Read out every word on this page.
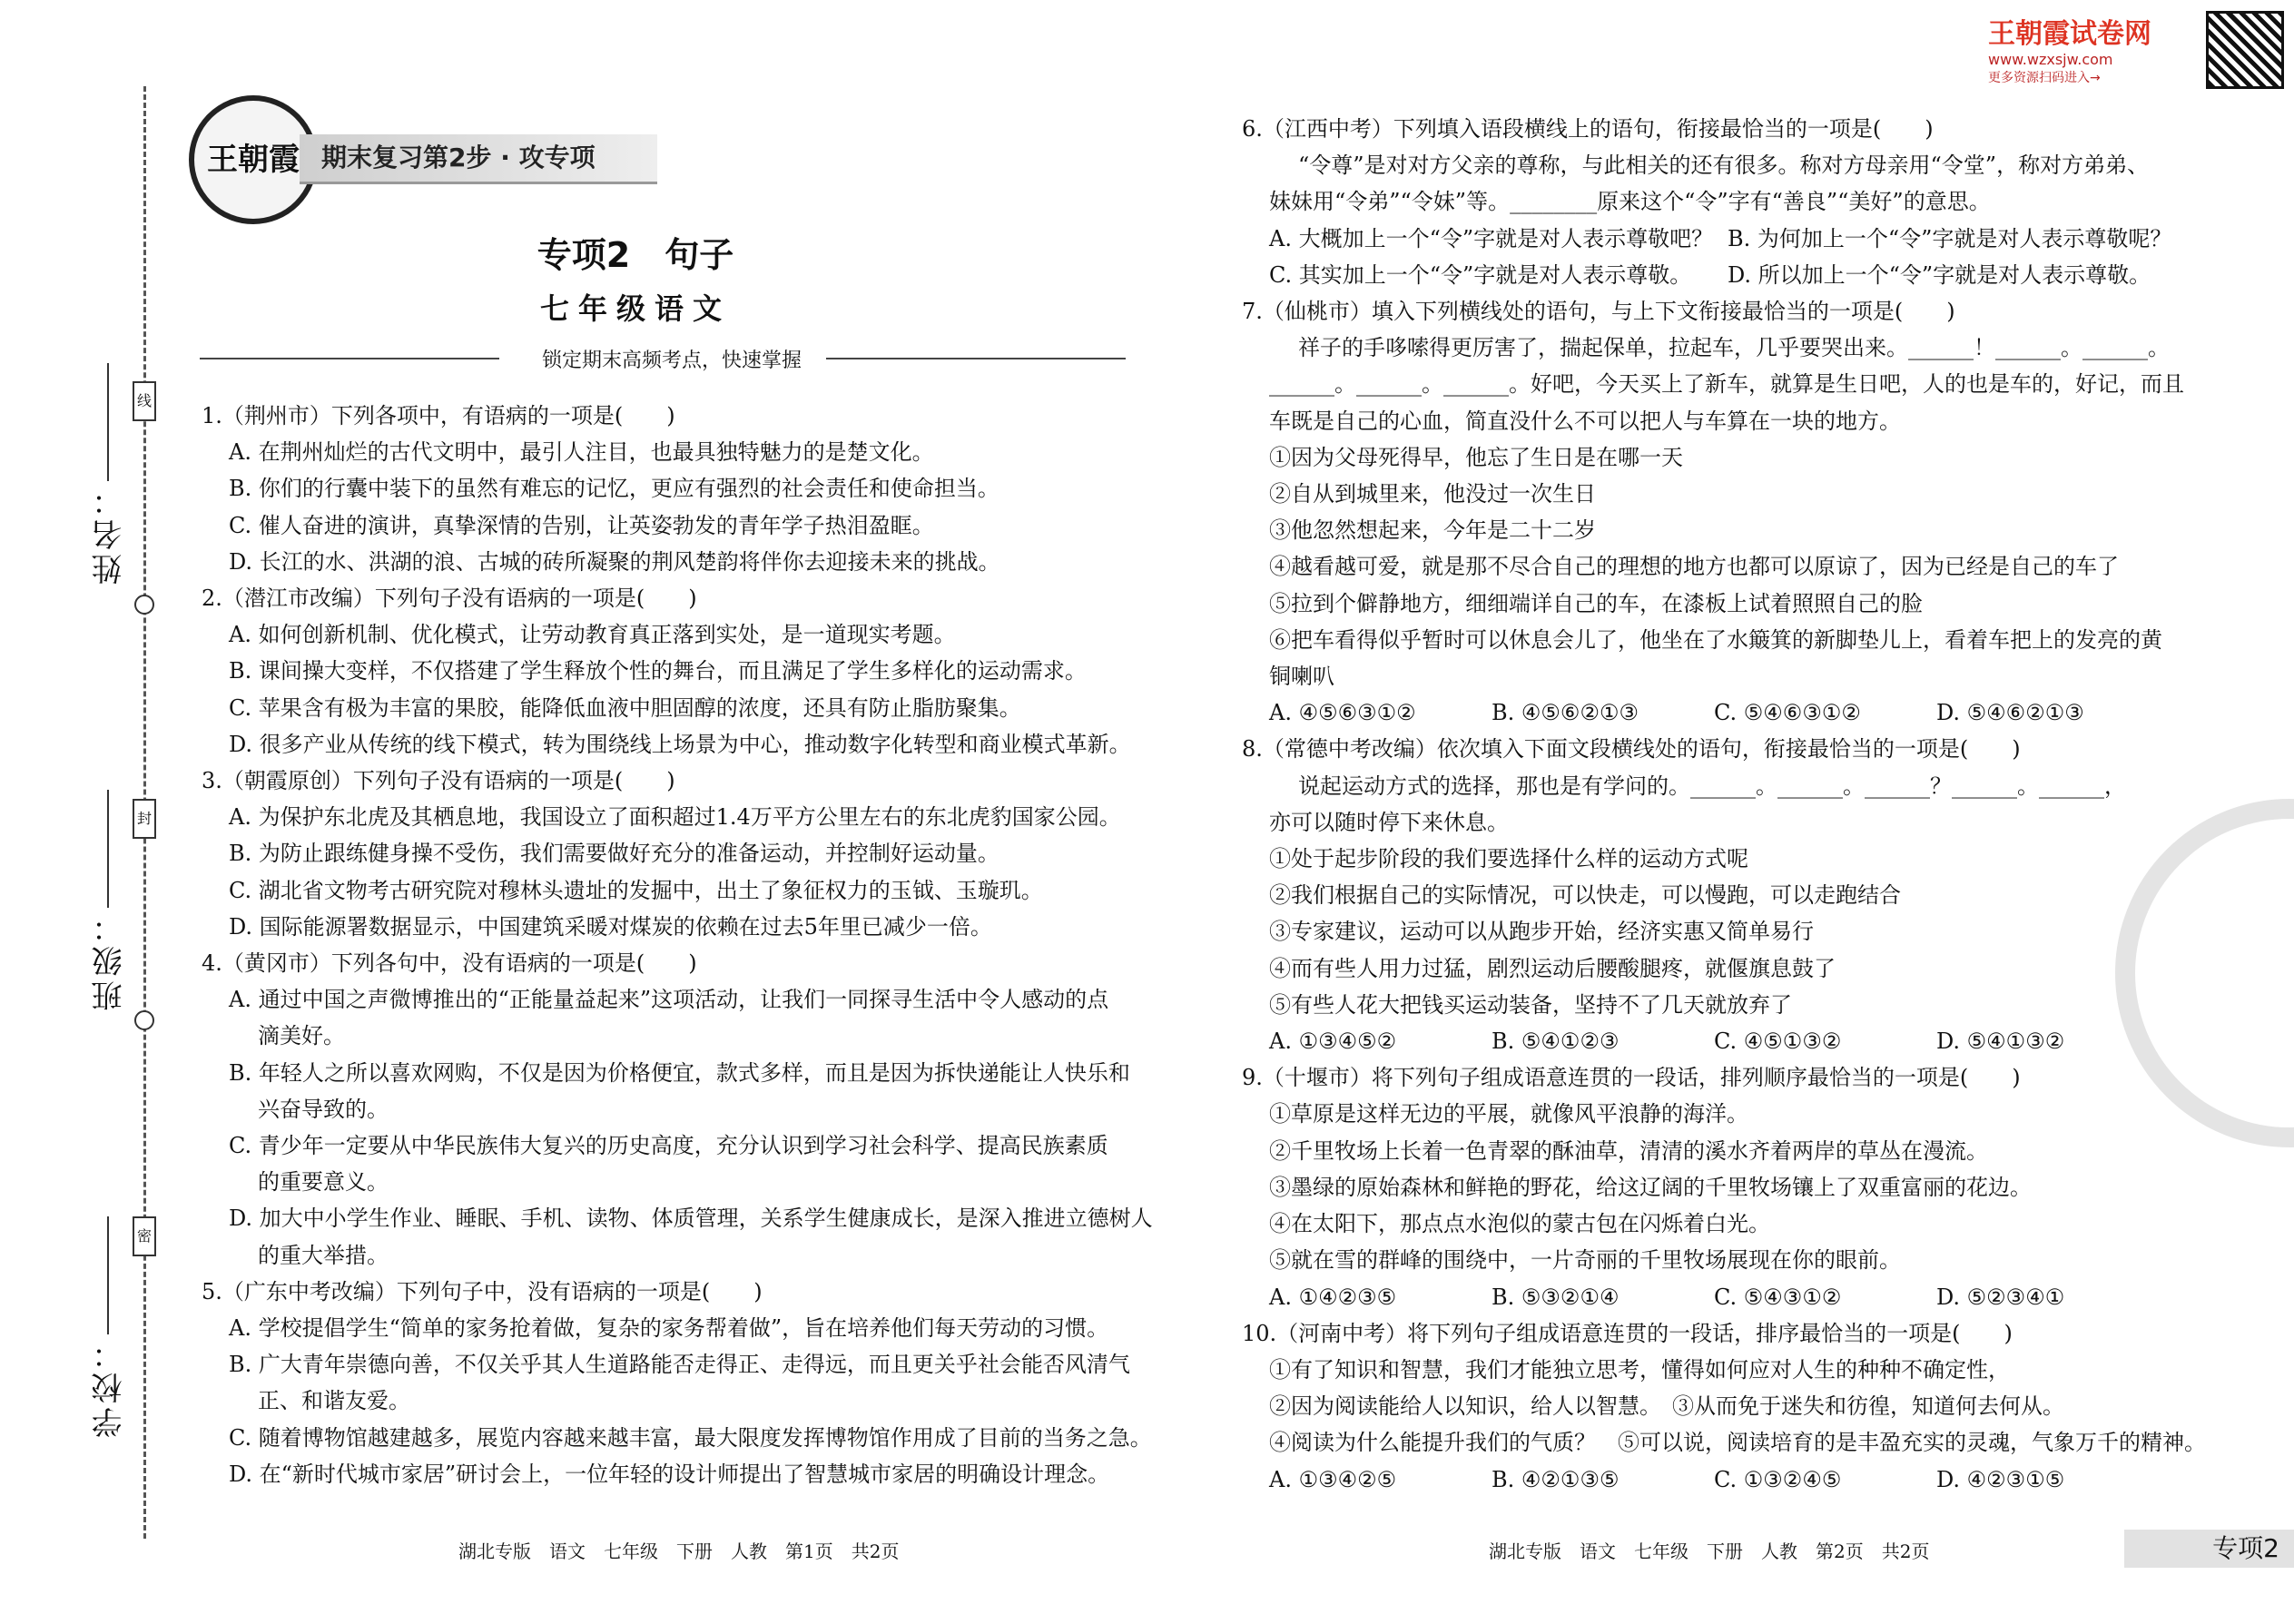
王朝霞试卷网
www.wzxsjw.com
更多资源扫码进入→
姓名：
班级：
学校：
线
封
密
王朝霞 期末复习第2步 · 攻专项
专项2　句子
七年级语文
锁定期末高频考点，快速掌握
1.（荆州市）下列各项中，有语病的一项是(　　)
A. 在荆州灿烂的古代文明中，最引人注目，也最具独特魅力的是楚文化。
B. 你们的行囊中装下的虽然有难忘的记忆，更应有强烈的社会责任和使命担当。
C. 催人奋进的演讲，真挚深情的告别，让英姿勃发的青年学子热泪盈眶。
D. 长江的水、洪湖的浪、古城的砖所凝聚的荆风楚韵将伴你去迎接未来的挑战。
2.（潜江市改编）下列句子没有语病的一项是(　　)
A. 如何创新机制、优化模式，让劳动教育真正落到实处，是一道现实考题。
B. 课间操大变样，不仅搭建了学生释放个性的舞台，而且满足了学生多样化的运动需求。
C. 苹果含有极为丰富的果胶，能降低血液中胆固醇的浓度，还具有防止脂肪聚集。
D. 很多产业从传统的线下模式，转为围绕线上场景为中心，推动数字化转型和商业模式革新。
3.（朝霞原创）下列句子没有语病的一项是(　　)
A. 为保护东北虎及其栖息地，我国设立了面积超过1.4万平方公里左右的东北虎豹国家公园。
B. 为防止跟练健身操不受伤，我们需要做好充分的准备运动，并控制好运动量。
C. 湖北省文物考古研究院对穆林头遗址的发掘中，出土了象征权力的玉钺、玉璇玑。
D. 国际能源署数据显示，中国建筑采暖对煤炭的依赖在过去5年里已减少一倍。
4.（黄冈市）下列各句中，没有语病的一项是(　　)
A. 通过中国之声微博推出的“正能量益起来”这项活动，让我们一同探寻生活中令人感动的点
滴美好。
B. 年轻人之所以喜欢网购，不仅是因为价格便宜，款式多样，而且是因为拆快递能让人快乐和
兴奋导致的。
C. 青少年一定要从中华民族伟大复兴的历史高度，充分认识到学习社会科学、提高民族素质
的重要意义。
D. 加大中小学生作业、睡眠、手机、读物、体质管理，关系学生健康成长，是深入推进立德树人
的重大举措。
5.（广东中考改编）下列句子中，没有语病的一项是(　　)
A. 学校提倡学生“简单的家务抢着做，复杂的家务帮着做”，旨在培养他们每天劳动的习惯。
B. 广大青年崇德向善，不仅关乎其人生道路能否走得正、走得远，而且更关乎社会能否风清气
正、和谐友爱。
C. 随着博物馆越建越多，展览内容越来越丰富，最大限度发挥博物馆作用成了目前的当务之急。
D. 在“新时代城市家居”研讨会上，一位年轻的设计师提出了智慧城市家居的明确设计理念。
6.（江西中考）下列填入语段横线上的语句，衔接最恰当的一项是(　　)
“令尊”是对对方父亲的尊称，与此相关的还有很多。称对方母亲用“令堂”，称对方弟弟、
妹妹用“令弟”“令妹”等。________原来这个“令”字有“善良”“美好”的意思。
A. 大概加上一个“令”字就是对人表示尊敬吧？ B. 为何加上一个“令”字就是对人表示尊敬呢？
C. 其实加上一个“令”字就是对人表示尊敬。	D. 所以加上一个“令”字就是对人表示尊敬。
7.（仙桃市）填入下列横线处的语句，与上下文衔接最恰当的一项是(　　)
祥子的手哆嗦得更厉害了，揣起保单，拉起车，几乎要哭出来。______！______。______。
______。______。______。好吧，今天买上了新车，就算是生日吧，人的也是车的，好记，而且
车既是自己的心血，简直没什么不可以把人与车算在一块的地方。
①因为父母死得早，他忘了生日是在哪一天
②自从到城里来，他没过一次生日
③他忽然想起来，今年是二十二岁
④越看越可爱，就是那不尽合自己的理想的地方也都可以原谅了，因为已经是自己的车了
⑤拉到个僻静地方，细细端详自己的车，在漆板上试着照照自己的脸
⑥把车看得似乎暂时可以休息会儿了，他坐在了水簸箕的新脚垫儿上，看着车把上的发亮的黄
铜喇叭
A. ④⑤⑥③①②	B. ④⑤⑥②①③	C. ⑤④⑥③①②	D. ⑤④⑥②①③
8.（常德中考改编）依次填入下面文段横线处的语句，衔接最恰当的一项是(　　)
说起运动方式的选择，那也是有学问的。______。______。______？______。______，
亦可以随时停下来休息。
①处于起步阶段的我们要选择什么样的运动方式呢
②我们根据自己的实际情况，可以快走，可以慢跑，可以走跑结合
③专家建议，运动可以从跑步开始，经济实惠又简单易行
④而有些人用力过猛，剧烈运动后腰酸腿疼，就偃旗息鼓了
⑤有些人花大把钱买运动装备，坚持不了几天就放弃了
A. ①③④⑤②	B. ⑤④①②③	C. ④⑤①③②	D. ⑤④①③②
9.（十堰市）将下列句子组成语意连贯的一段话，排列顺序最恰当的一项是(　　)
①草原是这样无边的平展，就像风平浪静的海洋。
②千里牧场上长着一色青翠的酥油草，清清的溪水齐着两岸的草丛在漫流。
③墨绿的原始森林和鲜艳的野花，给这辽阔的千里牧场镶上了双重富丽的花边。
④在太阳下，那点点水泡似的蒙古包在闪烁着白光。
⑤就在雪的群峰的围绕中，一片奇丽的千里牧场展现在你的眼前。
A. ①④②③⑤	B. ⑤③②①④	C. ⑤④③①②	D. ⑤②③④①
10.（河南中考）将下列句子组成语意连贯的一段话，排序最恰当的一项是(　　)
①有了知识和智慧，我们才能独立思考，懂得如何应对人生的种种不确定性，
②因为阅读能给人以知识，给人以智慧。　③从而免于迷失和彷徨，知道何去何从。
④阅读为什么能提升我们的气质？　⑤可以说，阅读培育的是丰盈充实的灵魂，气象万千的精神。
A. ①③④②⑤	B. ④②①③⑤	C. ①③②④⑤	D. ④②③①⑤
湖北专版　语文　七年级　下册　人教　第1页　共2页	湖北专版　语文　七年级　下册　人教　第2页　共2页	专项2
